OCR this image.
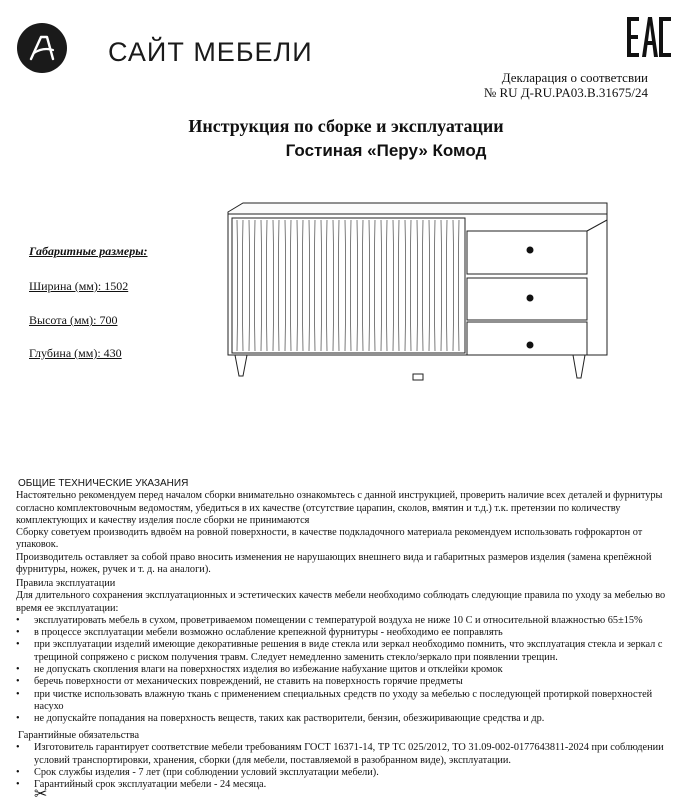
САЙТ МЕБЕЛИ
Декларация о соответсвии
№ RU Д-RU.PA03.B.31675/24
Инструкция по сборке и эксплуатации
Гостиная «Перу» Комод
Габаритные размеры:
Ширина (мм): 1502
Высота (мм): 700
Глубина (мм): 430

ОБЩИЕ ТЕХНИЧЕСКИЕ УКАЗАНИЯ

Настоятельно рекомендуем перед началом сборки внимательно ознакомьтесь с данной инструкцией, проверить наличие всех деталей и фурнитуры согласно комплектовочным ведомостям, убедиться в их качестве (отсутствие царапин, сколов, вмятин и т.д.) т.к. претензии по количеству комплектующих и качеству изделия после сборки не принимаются

Сборку советуем производить вдвоём на ровной поверхности, в качестве подкладочного материала рекомендуем использовать гофрокартон от упаковок.

Производитель оставляет за собой право вносить изменения не нарушающих внешнего вида и габаритных размеров изделия (замена крепёжной фурнитуры, ножек, ручек и т. д. на аналоги).

Правила эксплуатации

Для длительного сохранения эксплуатационных и эстетических качеств мебели необходимо соблюдать следующие правила по уходу за мебелью во время ее эксплуатации:

•	эксплуатировать мебель в сухом, проветриваемом помещении с температурой воздуха не ниже 10 С и относительной влажностью 65±15%
•	в процессе эксплуатации мебели возможно ослабление крепежной фурнитуры - необходимо ее поправлять
•	при эксплуатации изделий имеющие декоративные решения в виде стекла или зеркал необходимо помнить, что эксплуатация стекла и зеркал с трещиной сопряжено с риском получения травм. Следует немедленно заменить стекло/зеркало при появлении трещин.
•	не допускать скопления влаги на поверхностях изделия во избежание набухание щитов и отклейки кромок
•	беречь поверхности от механических повреждений, не ставить на поверхность горячие предметы
•	при чистке использовать влажную ткань с применением специальных средств по уходу за мебелью с последующей протиркой поверхностей насухо
•	не допускайте попадания на поверхность веществ, таких как растворители, бензин, обезжиривающие средства и др.

Гарантийные обязательства

•	Изготовитель гарантирует соответствие мебели требованиям ГОСТ 16371-14, ТР ТС 025/2012, ТО 31.09-002-0177643811-2024 при соблюдении условий транспортировки, хранения, сборки (для мебели, поставляемой в разобранном виде), эксплуатации.
•	Срок службы изделия - 7 лет (при соблюдении условий эксплуатации мебели).
•	Гарантийный срок эксплуатации мебели - 24 месяца.
✂
